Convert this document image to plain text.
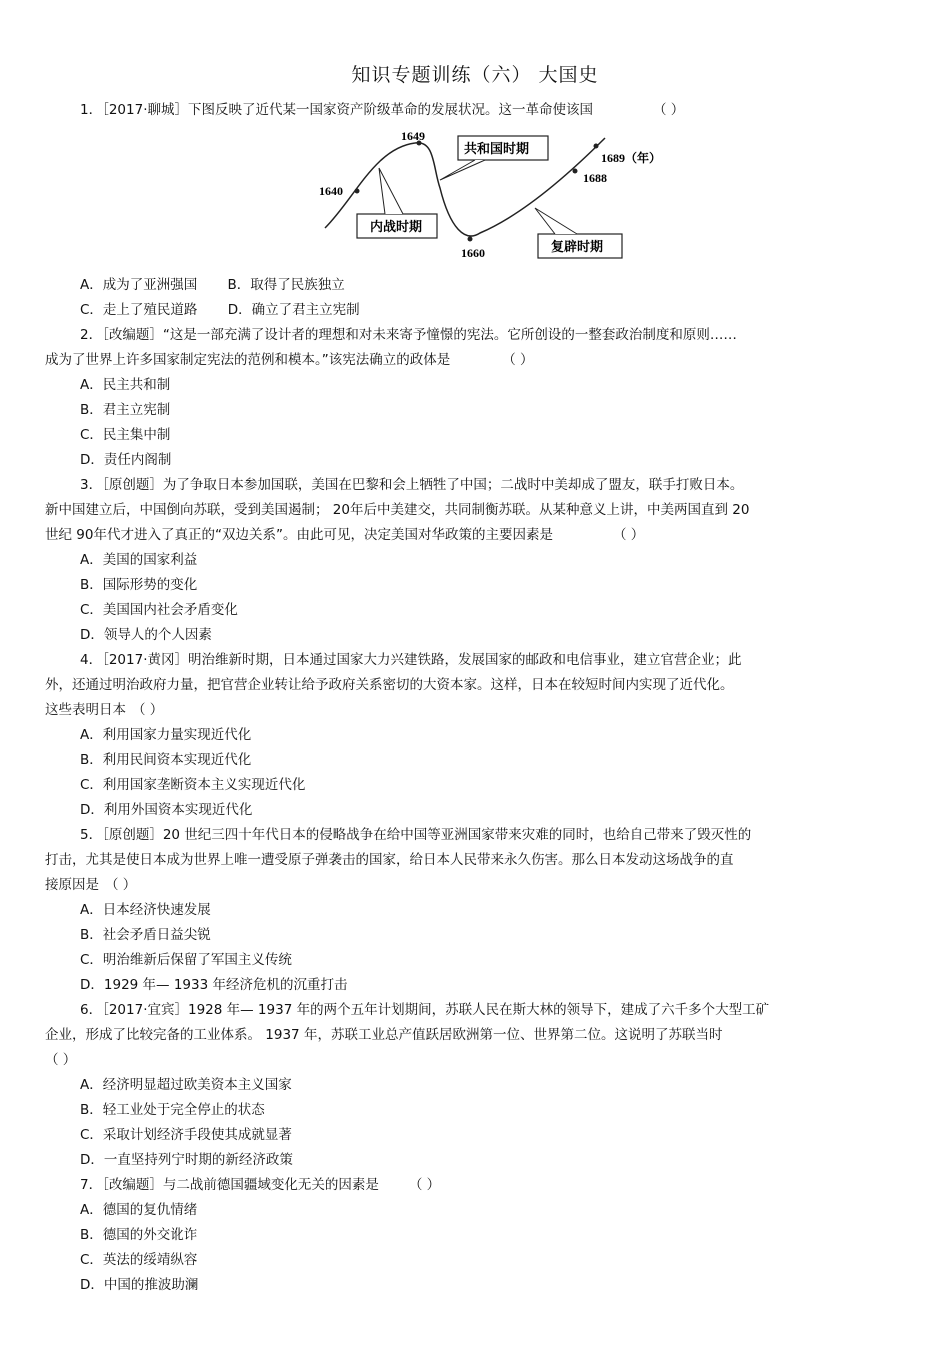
知识专题训练（六） 大国史
1．［2017·聊城］下图反映了近代某一国家资产阶级革命的发展状况。这一革命使该国	（ ）
1640
1649
1660
1688
1689（年）
共和国时期
内战时期
复辟时期
A．成为了亚洲强国 B．取得了民族独立
C．走上了殖民道路 D．确立了君主立宪制
2．［改编题］“这是一部充满了设计者的理想和对未来寄予憧憬的宪法。它所创设的一整套政治制度和原则……
成为了世界上许多国家制定宪法的范例和模本。”该宪法确立的政体是	（ ）
A．民主共和制
B．君主立宪制
C．民主集中制
D．责任内阁制
3．［原创题］为了争取日本参加国联，美国在巴黎和会上牺牲了中国；二战时中美却成了盟友，联手打败日本。
新中国建立后，中国倒向苏联，受到美国遏制； 20年后中美建交，共同制衡苏联。从某种意义上讲，中美两国直到 20
世纪 90年代才进入了真正的“双边关系”。由此可见，决定美国对华政策的主要因素是	（ ）
A．美国的国家利益
B．国际形势的变化
C．美国国内社会矛盾变化
D．领导人的个人因素
4．［2017·黄冈］明治维新时期，日本通过国家大力兴建铁路，发展国家的邮政和电信事业，建立官营企业；此
外，还通过明治政府力量，把官营企业转让给予政府关系密切的大资本家。这样，日本在较短时间内实现了近代化。
这些表明日本 （ ）
A．利用国家力量实现近代化
B．利用民间资本实现近代化
C．利用国家垄断资本主义实现近代化
D．利用外国资本实现近代化
5．［原创题］20 世纪三四十年代日本的侵略战争在给中国等亚洲国家带来灾难的同时，也给自己带来了毁灭性的
打击，尤其是使日本成为世界上唯一遭受原子弹袭击的国家，给日本人民带来永久伤害。那么日本发动这场战争的直
接原因是 （ ）
A．日本经济快速发展
B．社会矛盾日益尖锐
C．明治维新后保留了军国主义传统
D．1929 年— 1933 年经济危机的沉重打击
6．［2017·宜宾］1928 年— 1937 年的两个五年计划期间，苏联人民在斯大林的领导下，建成了六千多个大型工矿
企业，形成了比较完备的工业体系。 1937 年，苏联工业总产值跃居欧洲第一位、世界第二位。这说明了苏联当时
（ ）
A．经济明显超过欧美资本主义国家
B．轻工业处于完全停止的状态
C．采取计划经济手段使其成就显著
D．一直坚持列宁时期的新经济政策
7．［改编题］与二战前德国疆域变化无关的因素是 （ ）
A．德国的复仇情绪
B．德国的外交讹诈
C．英法的绥靖纵容
D．中国的推波助澜
